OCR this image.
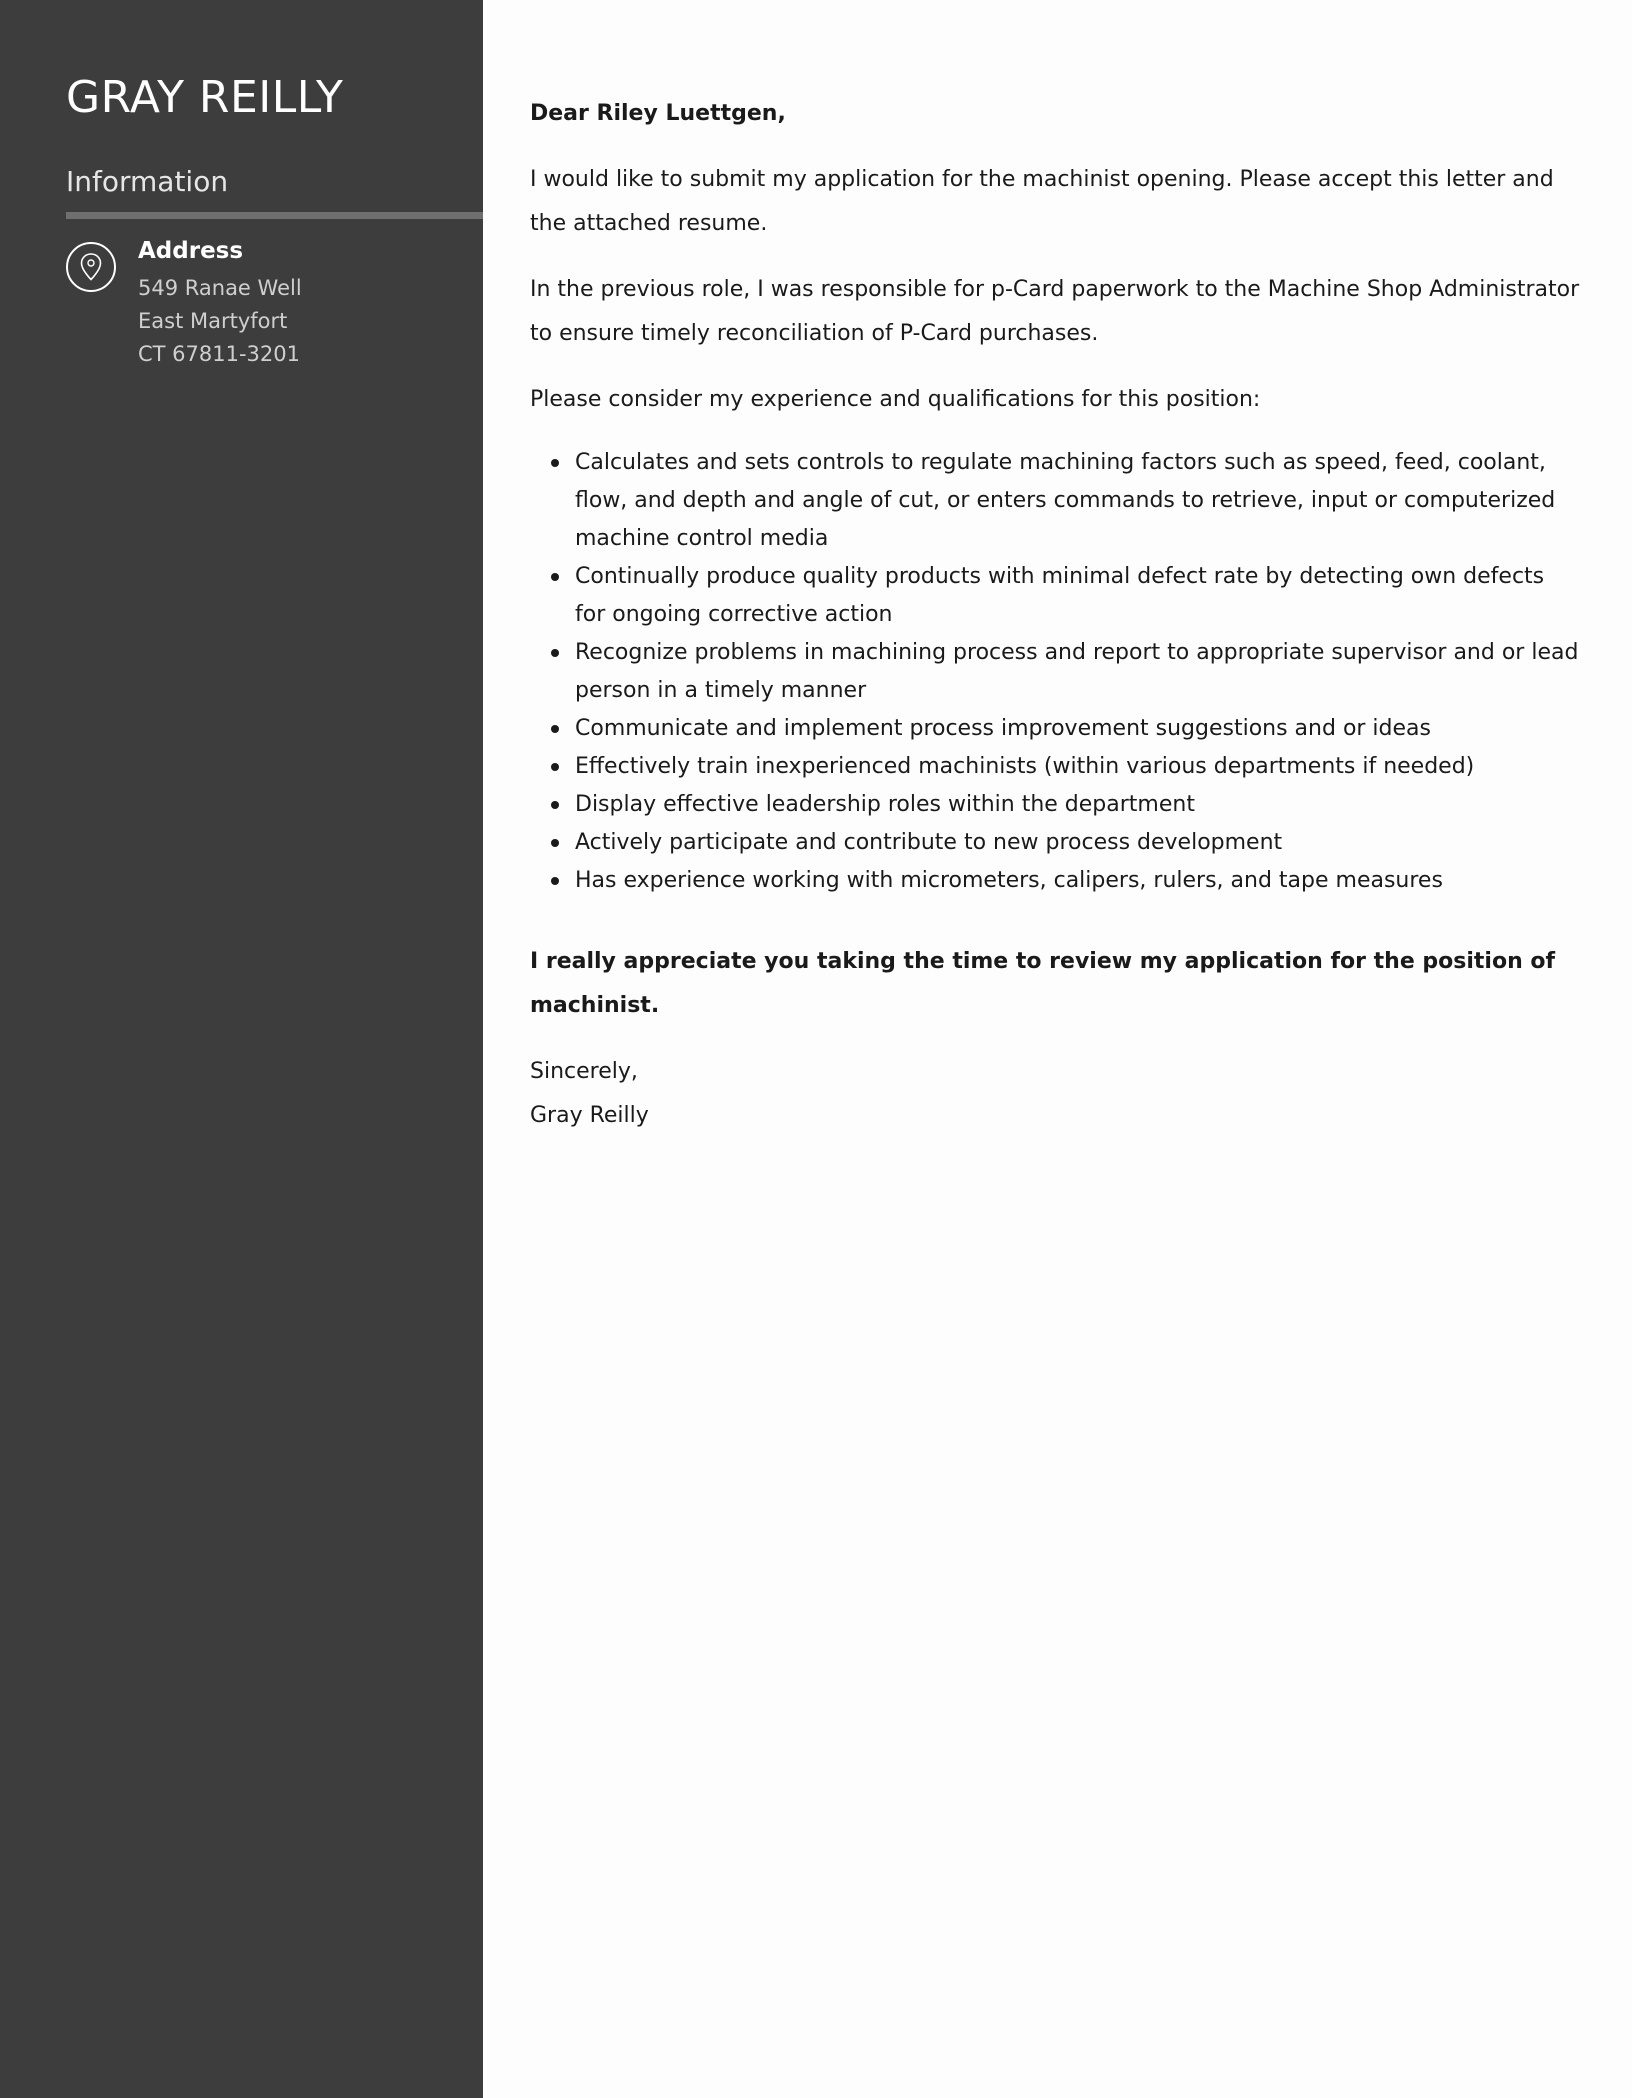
GRAY REILLY
Information
Address
549 Ranae Well
East Martyfort
CT 67811-3201

Dear Riley Luettgen,

I would like to submit my application for the machinist opening. Please accept this letter and the attached resume.

In the previous role, I was responsible for p-Card paperwork to the Machine Shop Administrator to ensure timely reconciliation of P-Card purchases.

Please consider my experience and qualifications for this position:

Calculates and sets controls to regulate machining factors such as speed, feed, coolant, flow, and depth and angle of cut, or enters commands to retrieve, input or computerized machine control media
Continually produce quality products with minimal defect rate by detecting own defects for ongoing corrective action
Recognize problems in machining process and report to appropriate supervisor and or lead person in a timely manner
Communicate and implement process improvement suggestions and or ideas
Effectively train inexperienced machinists (within various departments if needed)
Display effective leadership roles within the department
Actively participate and contribute to new process development
Has experience working with micrometers, calipers, rulers, and tape measures

I really appreciate you taking the time to review my application for the position of machinist.

Sincerely,

Gray Reilly
